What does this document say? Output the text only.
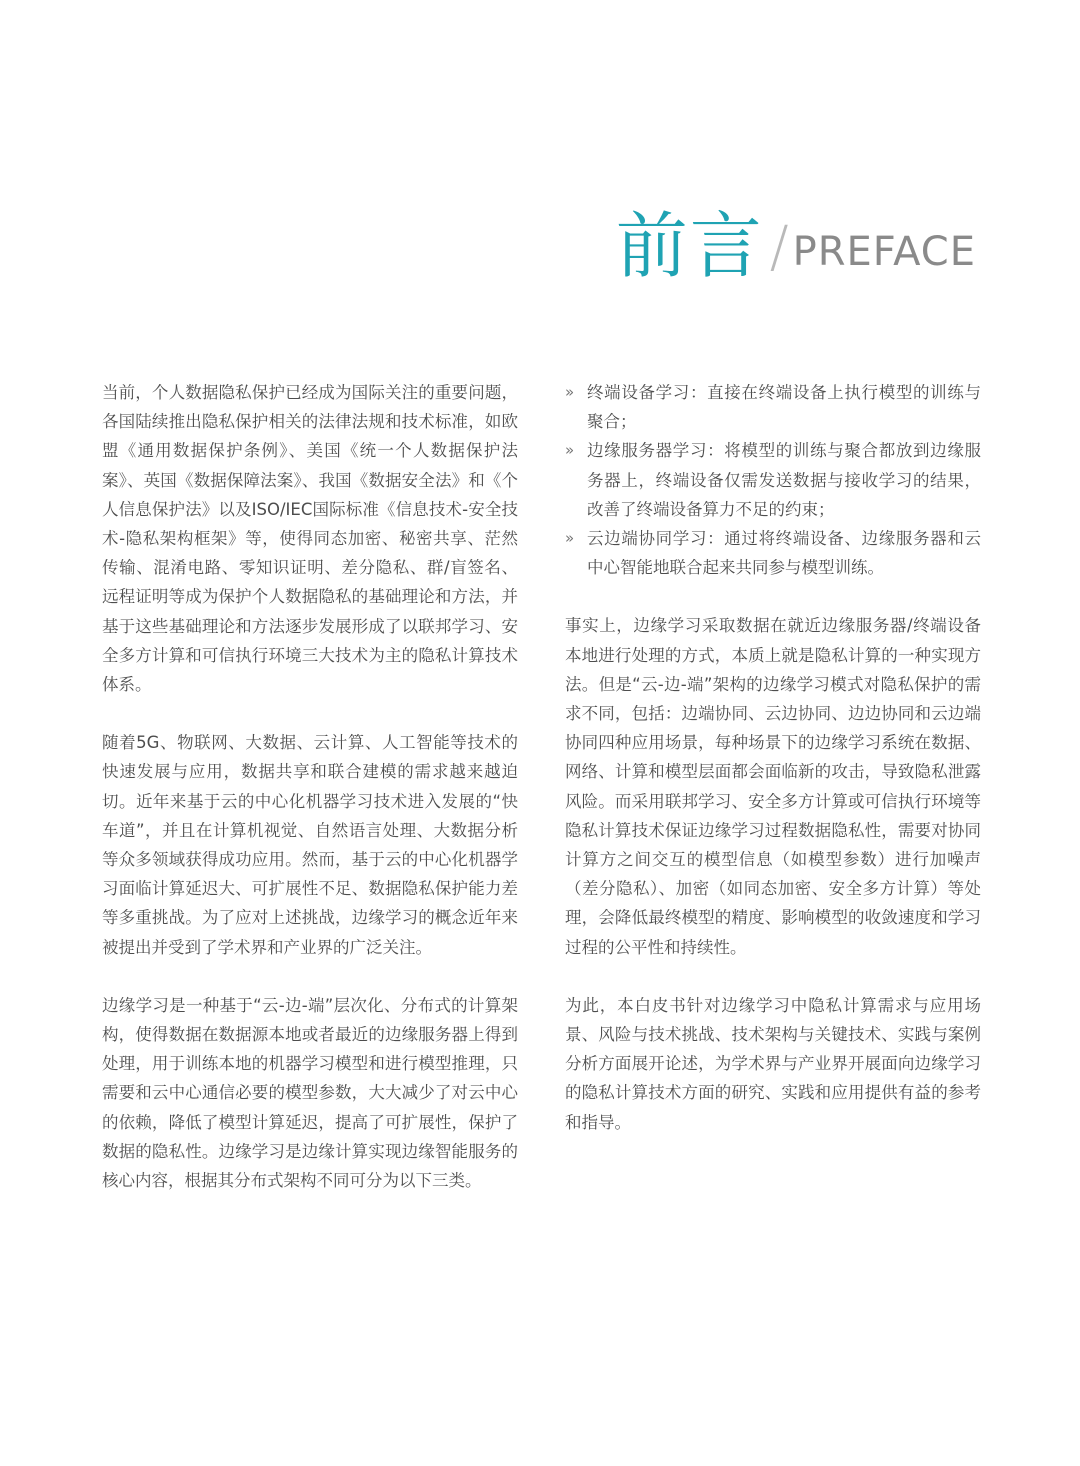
前言 / PREFACE

当前，个人数据隐私保护已经成为国际关注的重要问题，各国陆续推出隐私保护相关的法律法规和技术标准，如欧盟《通用数据保护条例》、美国《统一个人数据保护法案》、英国《数据保障法案》、我国《数据安全法》和《个人信息保护法》以及ISO/IEC国际标准《信息技术-安全技术-隐私架构框架》等，使得同态加密、秘密共享、茫然传输、混淆电路、零知识证明、差分隐私、群/盲签名、远程证明等成为保护个人数据隐私的基础理论和方法，并基于这些基础理论和方法逐步发展形成了以联邦学习、安全多方计算和可信执行环境三大技术为主的隐私计算技术体系。

随着5G、物联网、大数据、云计算、人工智能等技术的快速发展与应用，数据共享和联合建模的需求越来越迫切。近年来基于云的中心化机器学习技术进入发展的“快车道”，并且在计算机视觉、自然语言处理、大数据分析等众多领域获得成功应用。然而，基于云的中心化机器学习面临计算延迟大、可扩展性不足、数据隐私保护能力差等多重挑战。为了应对上述挑战，边缘学习的概念近年来被提出并受到了学术界和产业界的广泛关注。

边缘学习是一种基于“云-边-端”层次化、分布式的计算架构，使得数据在数据源本地或者最近的边缘服务器上得到处理，用于训练本地的机器学习模型和进行模型推理，只需要和云中心通信必要的模型参数，大大减少了对云中心的依赖，降低了模型计算延迟，提高了可扩展性，保护了数据的隐私性。边缘学习是边缘计算实现边缘智能服务的核心内容，根据其分布式架构不同可分为以下三类。

» 终端设备学习：直接在终端设备上执行模型的训练与聚合；
» 边缘服务器学习：将模型的训练与聚合都放到边缘服务器上，终端设备仅需发送数据与接收学习的结果，改善了终端设备算力不足的约束；
» 云边端协同学习：通过将终端设备、边缘服务器和云中心智能地联合起来共同参与模型训练。

事实上，边缘学习采取数据在就近边缘服务器/终端设备本地进行处理的方式，本质上就是隐私计算的一种实现方法。但是“云-边-端”架构的边缘学习模式对隐私保护的需求不同，包括：边端协同、云边协同、边边协同和云边端协同四种应用场景，每种场景下的边缘学习系统在数据、网络、计算和模型层面都会面临新的攻击，导致隐私泄露风险。而采用联邦学习、安全多方计算或可信执行环境等隐私计算技术保证边缘学习过程数据隐私性，需要对协同计算方之间交互的模型信息（如模型参数）进行加噪声（差分隐私）、加密（如同态加密、安全多方计算）等处理，会降低最终模型的精度、影响模型的收敛速度和学习过程的公平性和持续性。

为此，本白皮书针对边缘学习中隐私计算需求与应用场景、风险与技术挑战、技术架构与关键技术、实践与案例分析方面展开论述，为学术界与产业界开展面向边缘学习的隐私计算技术方面的研究、实践和应用提供有益的参考和指导。
